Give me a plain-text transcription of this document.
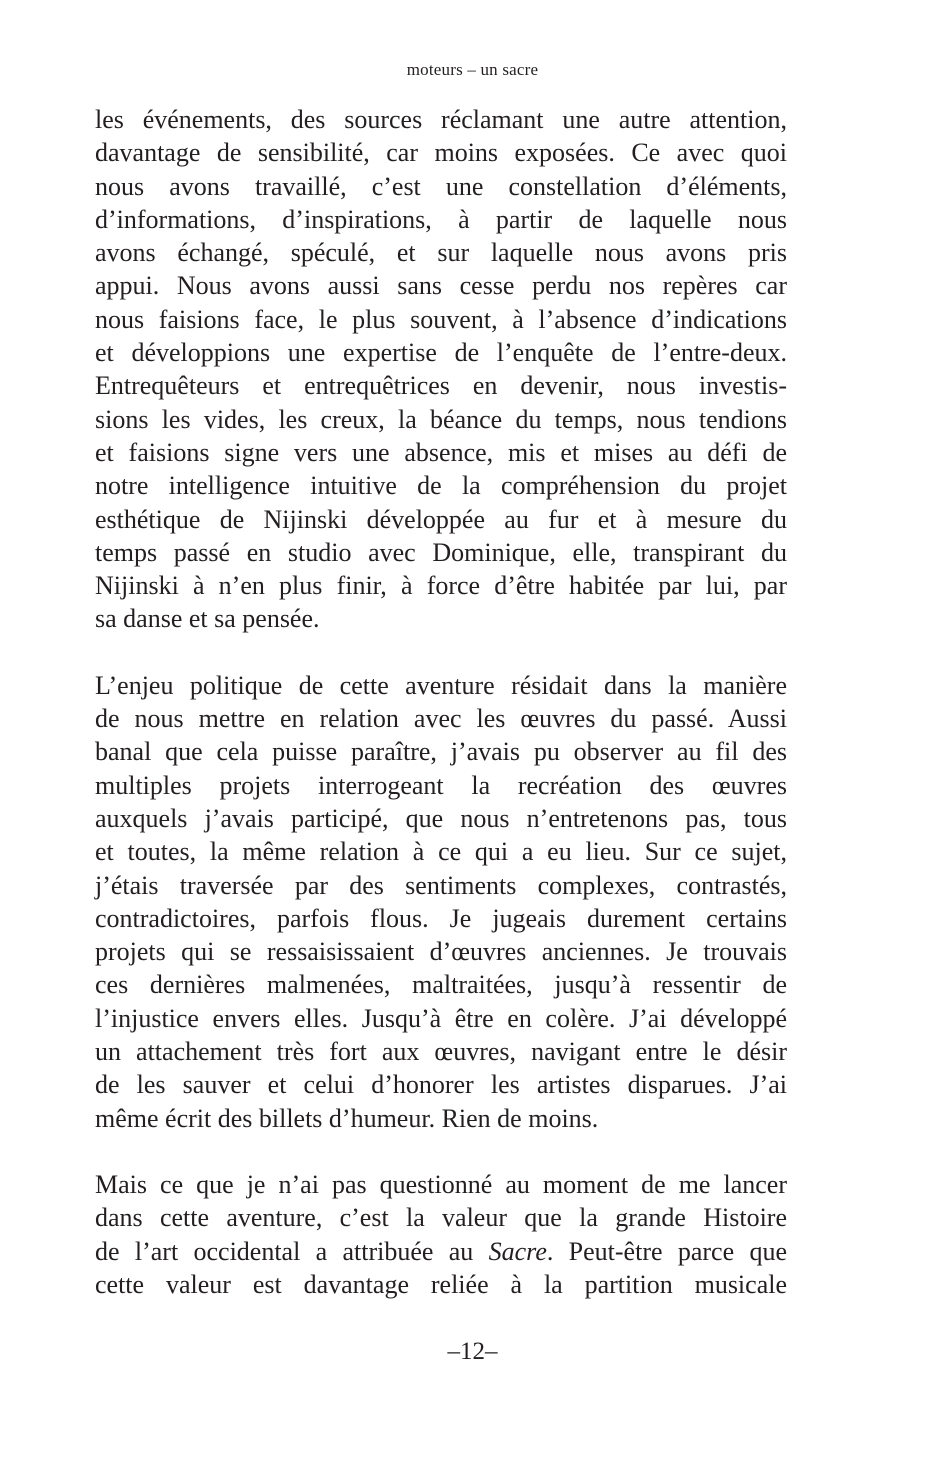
moteurs – un sacre

les événements, des sources réclamant une autre attention,
davantage de sensibilité, car moins exposées. Ce avec quoi
nous avons travaillé, c’est une constellation d’éléments,
d’informations, d’inspirations, à partir de laquelle nous
avons échangé, spéculé, et sur laquelle nous avons pris
appui. Nous avons aussi sans cesse perdu nos repères car
nous faisions face, le plus souvent, à l’absence d’indications
et développions une expertise de l’enquête de l’entre-deux.
Entrequêteurs et entrequêtrices en devenir, nous investis-
sions les vides, les creux, la béance du temps, nous tendions
et faisions signe vers une absence, mis et mises au défi de
notre intelligence intuitive de la compréhension du projet
esthétique de Nijinski développée au fur et à mesure du
temps passé en studio avec Dominique, elle, transpirant du
Nijinski à n’en plus finir, à force d’être habitée par lui, par
sa danse et sa pensée.

L’enjeu politique de cette aventure résidait dans la manière
de nous mettre en relation avec les œuvres du passé. Aussi
banal que cela puisse paraître, j’avais pu observer au fil des
multiples projets interrogeant la recréation des œuvres
auxquels j’avais participé, que nous n’entretenons pas, tous
et toutes, la même relation à ce qui a eu lieu. Sur ce sujet,
j’étais traversée par des sentiments complexes, contrastés,
contradictoires, parfois flous. Je jugeais durement certains
projets qui se ressaisissaient d’œuvres anciennes. Je trouvais
ces dernières malmenées, maltraitées, jusqu’à ressentir de
l’injustice envers elles. Jusqu’à être en colère. J’ai développé
un attachement très fort aux œuvres, navigant entre le désir
de les sauver et celui d’honorer les artistes disparues. J’ai
même écrit des billets d’humeur. Rien de moins.

Mais ce que je n’ai pas questionné au moment de me lancer
dans cette aventure, c’est la valeur que la grande Histoire
de l’art occidental a attribuée au Sacre. Peut-être parce que
cette valeur est davantage reliée à la partition musicale

–12–
